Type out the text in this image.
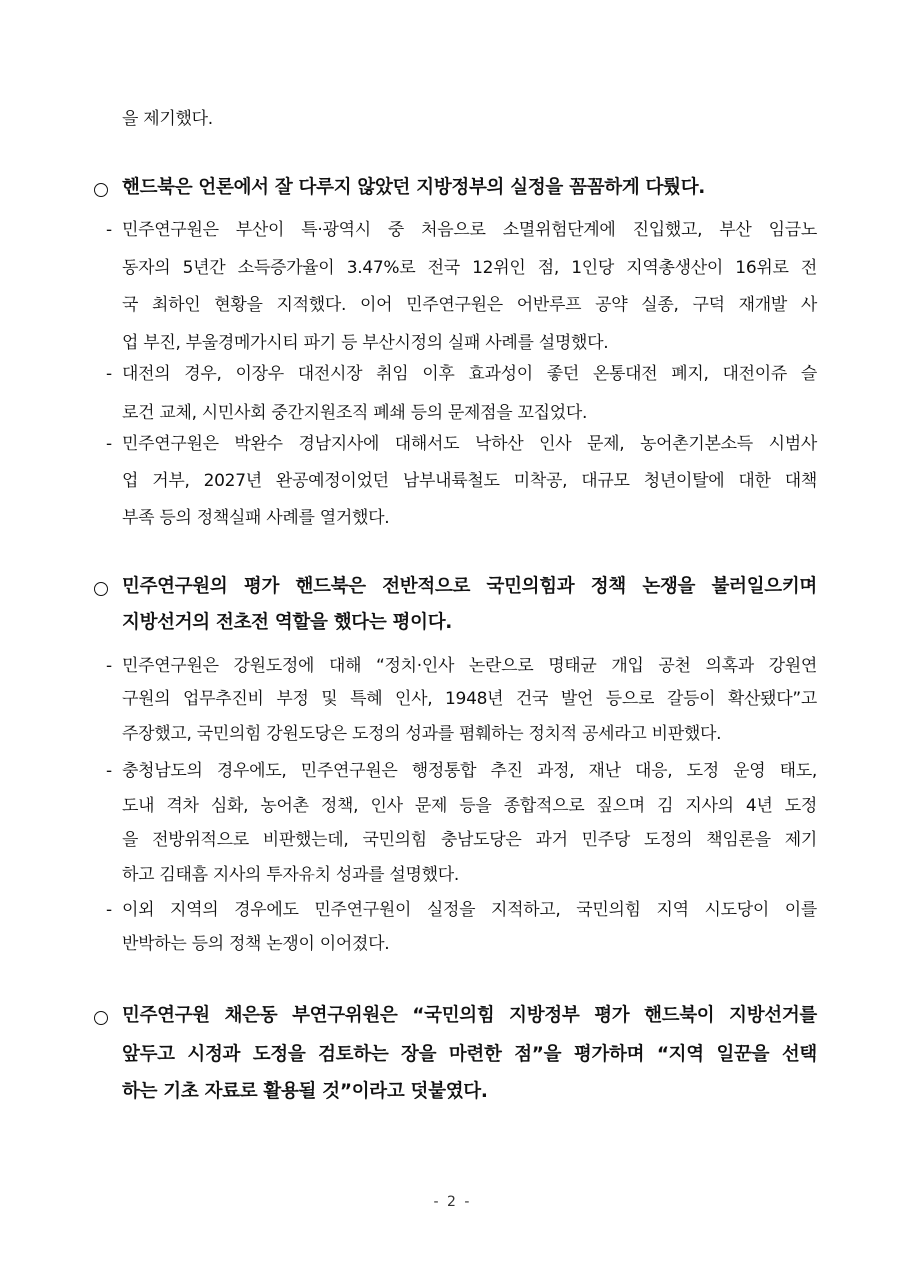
을 제기했다.
핸드북은 언론에서 잘 다루지 않았던 지방정부의 실정을 꼼꼼하게 다뤘다.
- 민주연구원은 부산이 특·광역시 중 처음으로 소멸위험단계에 진입했고, 부산 임금노
동자의 5년간 소득증가율이 3.47%로 전국 12위인 점, 1인당 지역총생산이 16위로 전
국 최하인 현황을 지적했다. 이어 민주연구원은 어반루프 공약 실종, 구덕 재개발 사
업 부진, 부울경메가시티 파기 등 부산시정의 실패 사례를 설명했다.
- 대전의 경우, 이장우 대전시장 취임 이후 효과성이 좋던 온통대전 폐지, 대전이쥬 슬
로건 교체, 시민사회 중간지원조직 폐쇄 등의 문제점을 꼬집었다.
- 민주연구원은 박완수 경남지사에 대해서도 낙하산 인사 문제, 농어촌기본소득 시범사
업 거부, 2027년 완공예정이었던 남부내륙철도 미착공, 대규모 청년이탈에 대한 대책
부족 등의 정책실패 사례를 열거했다.
민주연구원의 평가 핸드북은 전반적으로 국민의힘과 정책 논쟁을 불러일으키며
지방선거의 전초전 역할을 했다는 평이다.
- 민주연구원은 강원도정에 대해 “정치·인사 논란으로 명태균 개입 공천 의혹과 강원연
구원의 업무추진비 부정 및 특혜 인사, 1948년 건국 발언 등으로 갈등이 확산됐다”고
주장했고, 국민의힘 강원도당은 도정의 성과를 폄훼하는 정치적 공세라고 비판했다.
- 충청남도의 경우에도, 민주연구원은 행정통합 추진 과정, 재난 대응, 도정 운영 태도,
도내 격차 심화, 농어촌 정책, 인사 문제 등을 종합적으로 짚으며 김 지사의 4년 도정
을 전방위적으로 비판했는데, 국민의힘 충남도당은 과거 민주당 도정의 책임론을 제기
하고 김태흠 지사의 투자유치 성과를 설명했다.
- 이외 지역의 경우에도 민주연구원이 실정을 지적하고, 국민의힘 지역 시도당이 이를
반박하는 등의 정책 논쟁이 이어졌다.
민주연구원 채은동 부연구위원은 “국민의힘 지방정부 평가 핸드북이 지방선거를
앞두고 시정과 도정을 검토하는 장을 마련한 점”을 평가하며 “지역 일꾼을 선택
하는 기초 자료로 활용될 것”이라고 덧붙였다.
- 2 -
